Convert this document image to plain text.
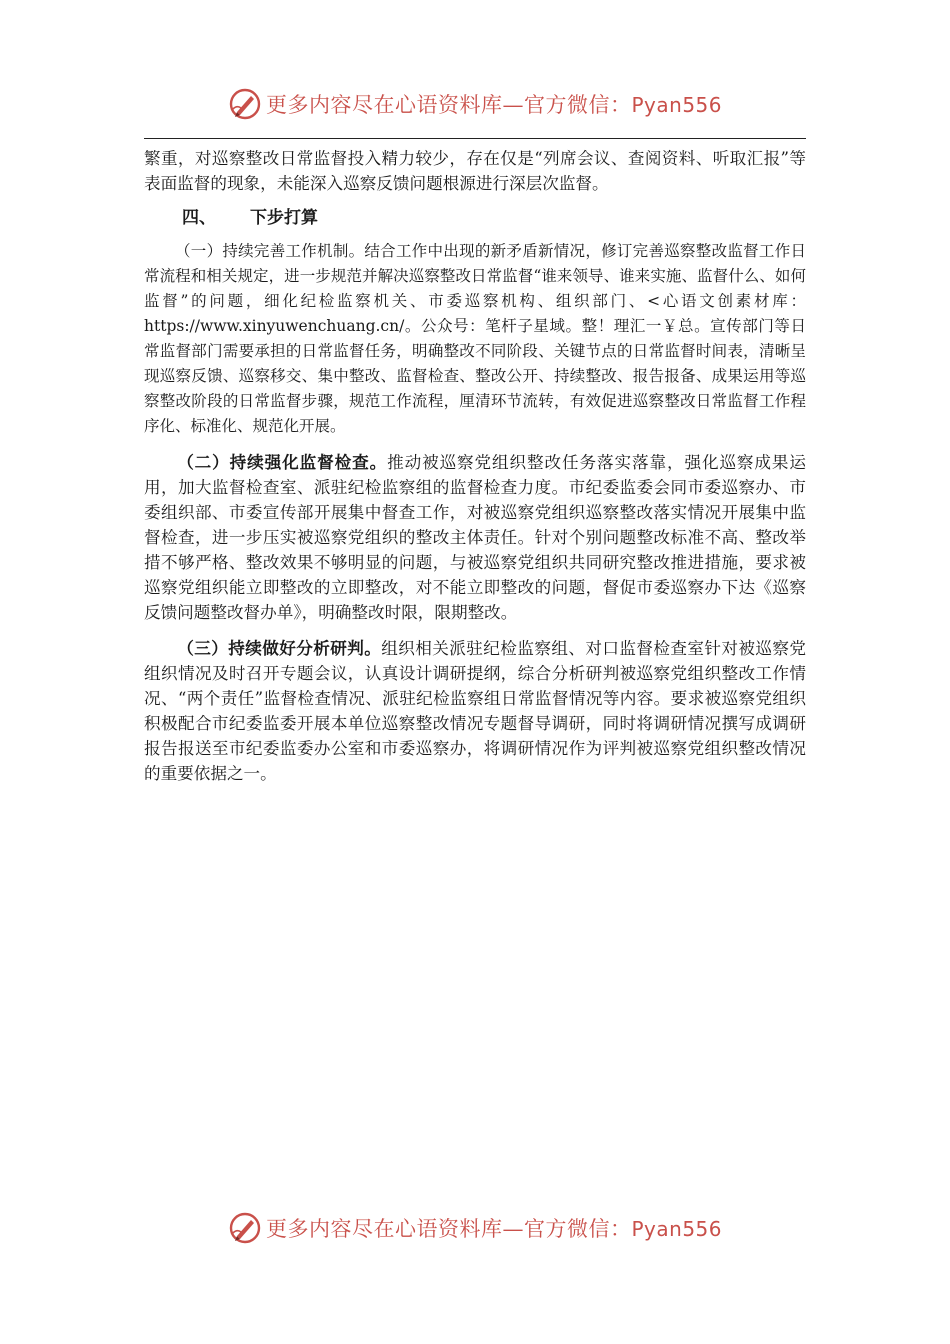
更多内容尽在心语资料库—官方微信：Pyan556

繁重，对巡察整改日常监督投入精力较少，存在仅是“列席会议、查阅资料、听取汇报”等表面监督的现象，未能深入巡察反馈问题根源进行深层次监督。

四、 下步打算

（一）持续完善工作机制。结合工作中出现的新矛盾新情况，修订完善巡察整改监督工作日常流程和相关规定，进一步规范并解决巡察整改日常监督“谁来领导、谁来实施、监督什么、如何监督”的问题，细化纪检监察机关、市委巡察机构、组织部门、<心语文创素材库：https://www.xinyuwenchuang.cn/。公众号：笔杆子星域。整！理汇一￥总。宣传部门等日常监督部门需要承担的日常监督任务，明确整改不同阶段、关键节点的日常监督时间表，清晰呈现巡察反馈、巡察移交、集中整改、监督检查、整改公开、持续整改、报告报备、成果运用等巡察整改阶段的日常监督步骤，规范工作流程，厘清环节流转，有效促进巡察整改日常监督工作程序化、标准化、规范化开展。

（二）持续强化监督检查。推动被巡察党组织整改任务落实落靠，强化巡察成果运用，加大监督检查室、派驻纪检监察组的监督检查力度。市纪委监委会同市委巡察办、市委组织部、市委宣传部开展集中督查工作，对被巡察党组织巡察整改落实情况开展集中监督检查，进一步压实被巡察党组织的整改主体责任。针对个别问题整改标准不高、整改举措不够严格、整改效果不够明显的问题，与被巡察党组织共同研究整改推进措施，要求被巡察党组织能立即整改的立即整改，对不能立即整改的问题，督促市委巡察办下达《巡察反馈问题整改督办单》，明确整改时限，限期整改。

（三）持续做好分析研判。组织相关派驻纪检监察组、对口监督检查室针对被巡察党组织情况及时召开专题会议，认真设计调研提纲，综合分析研判被巡察党组织整改工作情况、“两个责任”监督检查情况、派驻纪检监察组日常监督情况等内容。要求被巡察党组织积极配合市纪委监委开展本单位巡察整改情况专题督导调研，同时将调研情况撰写成调研报告报送至市纪委监委办公室和市委巡察办，将调研情况作为评判被巡察党组织整改情况的重要依据之一。

更多内容尽在心语资料库—官方微信：Pyan556
